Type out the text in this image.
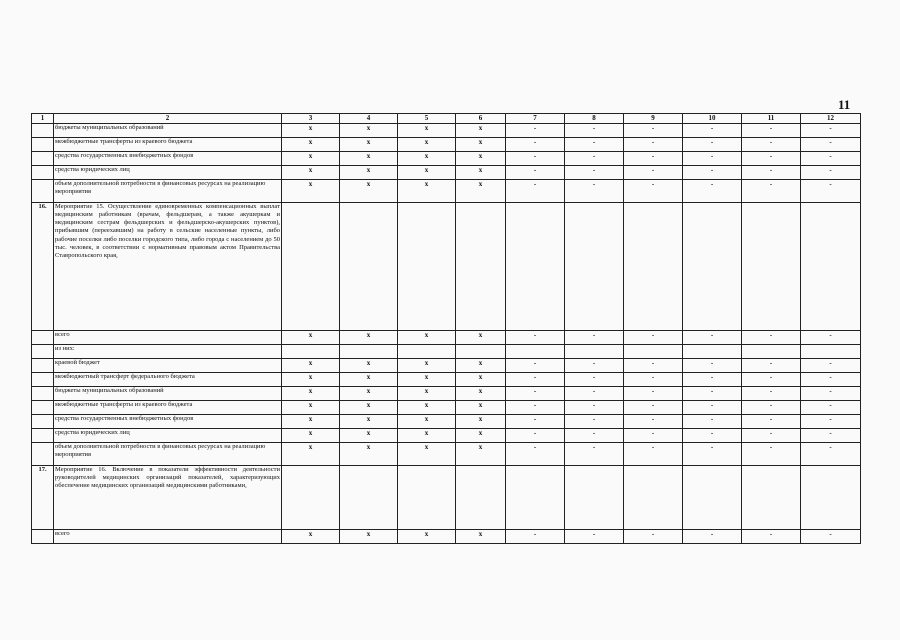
11
1	2	3	4	5	6	7	8	9	10	11	12
	бюджеты муниципальных образований	x	x	x	x	-	-	-	-	-	-
	межбюджетные трансферты из краевого бюджета	x	x	x	x	-	-	-	-	-	-
	средства государственных внебюджетных фондов	x	x	x	x	-	-	-	-	-	-
	средства юридических лиц	x	x	x	x	-	-	-	-	-	-
	объем дополнительной потребности в финансовых ресурсах на реализацию мероприятия	x	x	x	x	-	-	-	-	-	-
16.	Мероприятие 15. Осуществление единовременных компенсационных выплат медицинским работникам (врачам, фельдшерам, а также акушеркам и медицинским сестрам фельдшерских и фельдшерско-акушерских пунктов), прибывшим (переехавшим) на работу в сельские населенные пункты, либо рабочие поселки либо поселки городского типа, либо города с населением до 50 тыс. человек, в соответствии с нормативным правовым актом Правительства Ставропольского края,										
	всего	x	x	x	x	-	-	-	-	-	-
	из них:										
	краевой бюджет	x	x	x	x	-	-	-	-	-	-
	межбюджетный трансферт федерального бюджета	x	x	x	x	-	-	-	-	-	-
	бюджеты муниципальных образований	x	x	x	x	-	-	-	-	-	-
	межбюджетные трансферты из краевого бюджета	x	x	x	x	-	-	-	-	-	-
	средства государственных внебюджетных фондов	x	x	x	x	-	-	-	-	-	-
	средства юридических лиц	x	x	x	x	-	-	-	-	-	-
	объем дополнительной потребности в финансовых ресурсах на реализацию мероприятия	x	x	x	x	-	-	-	-	-	-
17.	Мероприятие 16. Включение в показатели эффективности деятельности руководителей медицинских организаций показателей, характеризующих обеспечение медицинских организаций медицинскими работниками,										
	всего	x	x	x	x	-	-	-	-	-	-
